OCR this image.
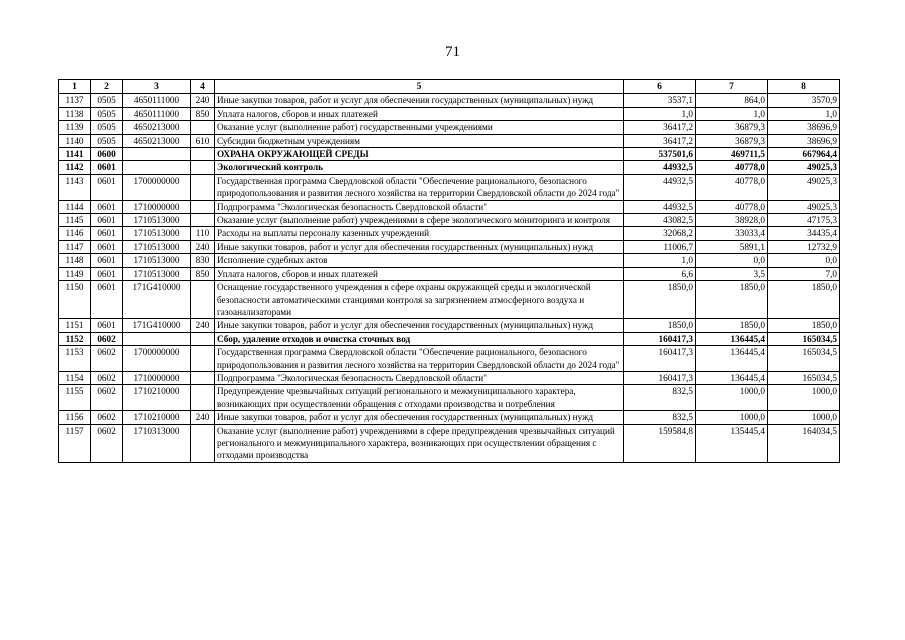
71
1	2	3	4	5	6	7	8
1137	0505	4650111000	240	Иные закупки товаров, работ и услуг для обеспечения государственных (муниципальных) нужд	3537,1	864,0	3570,9
1138	0505	4650111000	850	Уплата налогов, сборов и иных платежей	1,0	1,0	1,0
1139	0505	4650213000		Оказание услуг (выполнение работ) государственными учреждениями	36417,2	36879,3	38696,9
1140	0505	4650213000	610	Субсидии бюджетным учреждениям	36417,2	36879,3	38696,9
1141	0600			ОХРАНА ОКРУЖАЮЩЕЙ СРЕДЫ	537501,6	469711,5	667964,4
1142	0601			Экологический контроль	44932,5	40778,0	49025,3
1143	0601	1700000000		Государственная программа Свердловской области "Обеспечение рационального, безопасного природопользования и развития лесного хозяйства на территории Свердловской области до 2024 года"	44932,5	40778,0	49025,3
1144	0601	1710000000		Подпрограмма "Экологическая безопасность Свердловской области"	44932,5	40778,0	49025,3
1145	0601	1710513000		Оказание услуг (выполнение работ) учреждениями в сфере экологического мониторинга и контроля	43082,5	38928,0	47175,3
1146	0601	1710513000	110	Расходы на выплаты персоналу казенных учреждений	32068,2	33033,4	34435,4
1147	0601	1710513000	240	Иные закупки товаров, работ и услуг для обеспечения государственных (муниципальных) нужд	11006,7	5891,1	12732,9
1148	0601	1710513000	830	Исполнение судебных актов	1,0	0,0	0,0
1149	0601	1710513000	850	Уплата налогов, сборов и иных платежей	6,6	3,5	7,0
1150	0601	171G410000		Оснащение государственного учреждения в сфере охраны окружающей среды и экологической безопасности автоматическими станциями контроля за загрязнением атмосферного воздуха и газоанализаторами	1850,0	1850,0	1850,0
1151	0601	171G410000	240	Иные закупки товаров, работ и услуг для обеспечения государственных (муниципальных) нужд	1850,0	1850,0	1850,0
1152	0602			Сбор, удаление отходов и очистка сточных вод	160417,3	136445,4	165034,5
1153	0602	1700000000		Государственная программа Свердловской области "Обеспечение рационального, безопасного природопользования и развития лесного хозяйства на территории Свердловской области до 2024 года"	160417,3	136445,4	165034,5
1154	0602	1710000000		Подпрограмма "Экологическая безопасность Свердловской области"	160417,3	136445,4	165034,5
1155	0602	1710210000		Предупреждение чрезвычайных ситуаций регионального и межмуниципального характера, возникающих при осуществлении обращения с отходами производства и потребления	832,5	1000,0	1000,0
1156	0602	1710210000	240	Иные закупки товаров, работ и услуг для обеспечения государственных (муниципальных) нужд	832,5	1000,0	1000,0
1157	0602	1710313000		Оказание услуг (выполнение работ) учреждениями в сфере предупреждения чрезвычайных ситуаций регионального и межмуниципального характера, возникающих при осуществлении обращения с отходами производства	159584,8	135445,4	164034,5
